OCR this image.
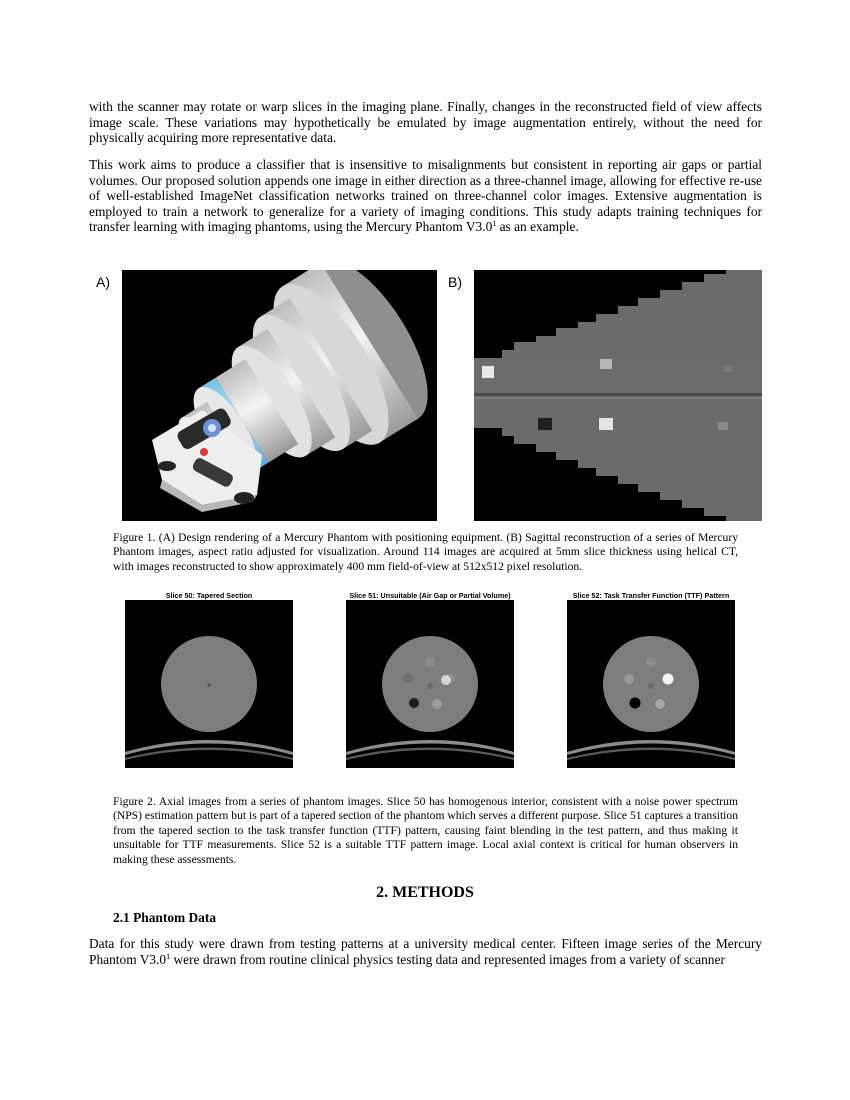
with the scanner may rotate or warp slices in the imaging plane. Finally, changes in the reconstructed field of view affects image scale. These variations may hypothetically be emulated by image augmentation entirely, without the need for physically acquiring more representative data.

This work aims to produce a classifier that is insensitive to misalignments but consistent in reporting air gaps or partial volumes. Our proposed solution appends one image in either direction as a three-channel image, allowing for effective re-use of well-established ImageNet classification networks trained on three-channel color images. Extensive augmentation is employed to train a network to generalize for a variety of imaging conditions. This study adapts training techniques for transfer learning with imaging phantoms, using the Mercury Phantom $V3.0^1$ as an example.

A)	B)

Figure 1. (A) Design rendering of a Mercury Phantom with positioning equipment. (B) Sagittal reconstruction of a series of Mercury Phantom images, aspect ratio adjusted for visualization. Around 114 images are acquired at 5mm slice thickness using helical CT, with images reconstructed to show approximately 400 mm field-of-view at 512x512 pixel resolution.

Slice 50: Tapered Section	Slice 51: Unsuitable (Air Gap or Partial Volume)	Slice 52: Task Transfer Function (TTF) Pattern

Figure 2. Axial images from a series of phantom images. Slice 50 has homogenous interior, consistent with a noise power spectrum (NPS) estimation pattern but is part of a tapered section of the phantom which serves a different purpose. Slice 51 captures a transition from the tapered section to the task transfer function (TTF) pattern, causing faint blending in the test pattern, and thus making it unsuitable for TTF measurements. Slice 52 is a suitable TTF pattern image. Local axial context is critical for human observers in making these assessments.

2. METHODS
2.1 Phantom Data

Data for this study were drawn from testing patterns at a university medical center. Fifteen image series of the Mercury Phantom $V3.0^1$ were drawn from routine clinical physics testing data and represented images from a variety of scanner
